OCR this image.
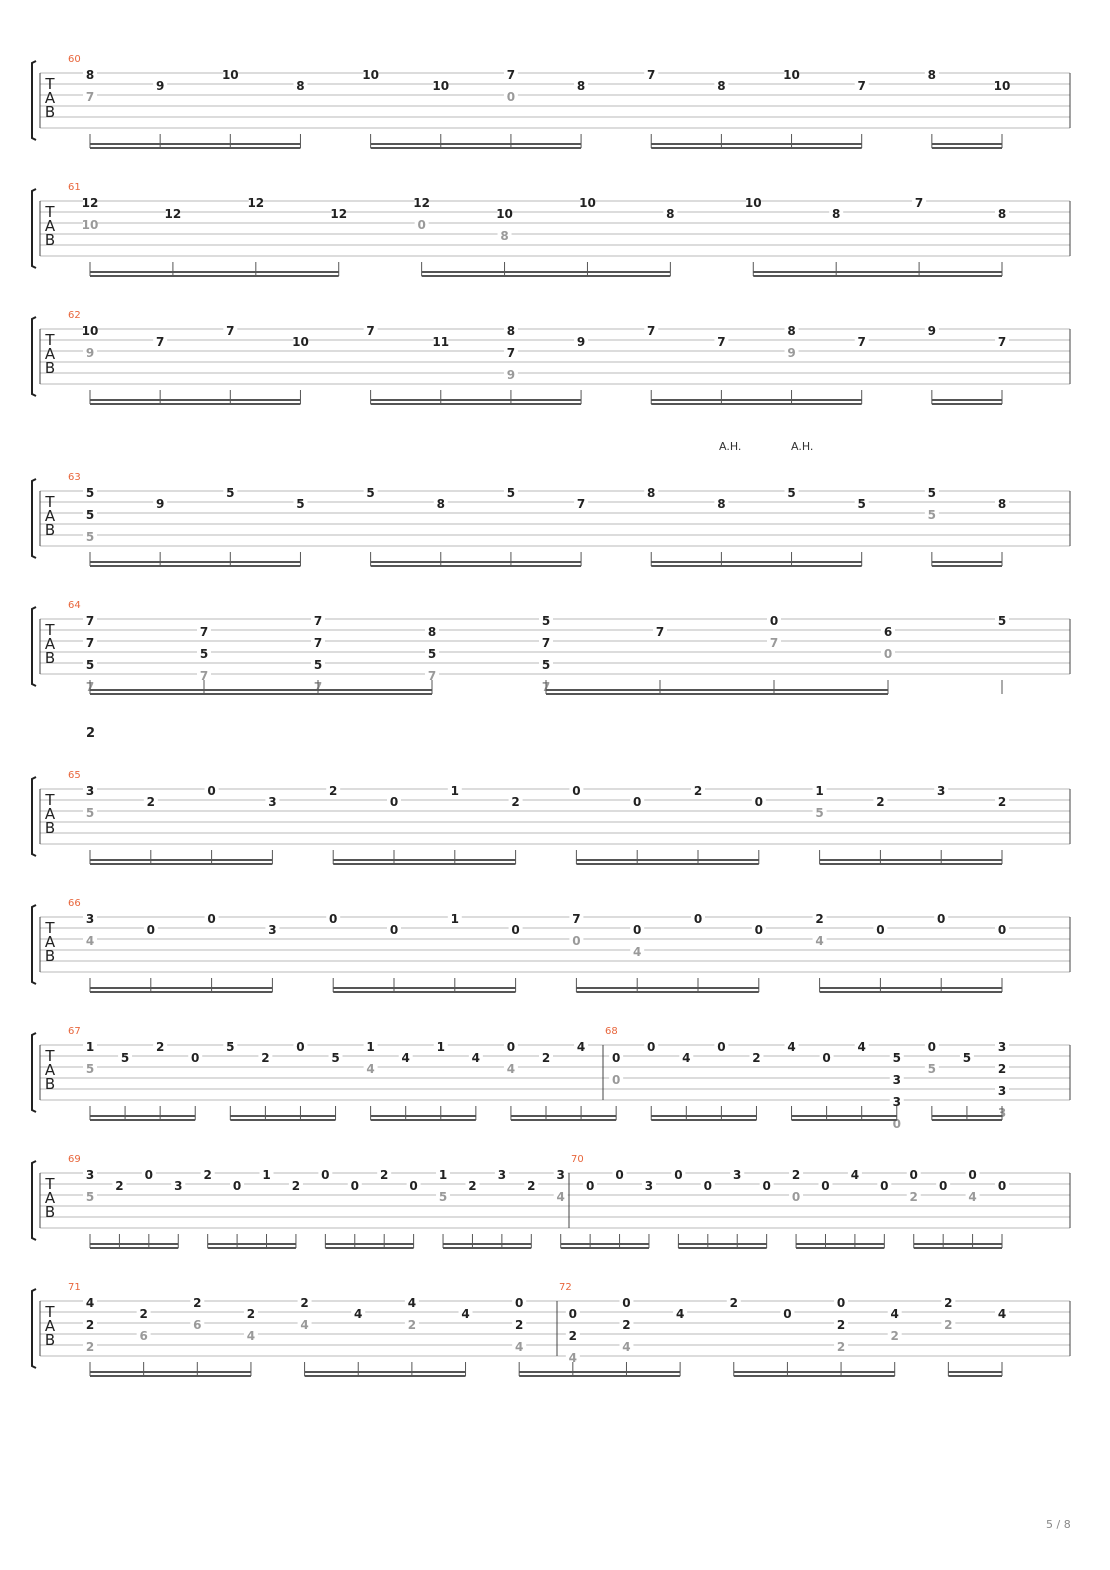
T
A
B
60
8
7
9
10
8
10
10
7
0
8
7
8
10
7
8
10
T
A
B
61
12
10
12
12
12
12
0
10
8
10
8
10
8
7
8
T
A
B
62
10
9
7
7
10
7
11
8
7
9
9
7
7
8
9
7
9
7
T
A
B
63
5
5
5
9
5
5
5
8
5
7
8
8
5
5
5
5
8
T
A
B
64
7
7
5
7
7
5
7
7
7
5
7
8
5
7
5
7
5
7
7
0
7
6
0
5
T
A
B
65
3
5
2
0
3
2
0
1
2
0
0
2
0
1
5
2
3
2
T
A
B
66
3
4
0
0
3
0
0
1
0
7
0
0
4
0
0
2
4
0
0
0
T
A
B
67	68
1
5
5
2
0
5
2
0
5
1
4
4
1
4
0
4
2
4
0
0
0
4
0
2
4
0
4
5
3
3
0
0
5
5
3
2
3
3
T
A
B
69	70
3
5
2
0
3
2
0
1
2
0
0
2
0
1
5
2
3
2
3
4
0
0
3
0
0
3
0
2
0
0
4
0
0
2
0
0
4
0
T
A
B
71	72
4
2
2
2
6
2
6
2
4
2
4
4
4
2
4
0
2
4
0
2
4
0
2
4
4
2
0
0
2
2
4
2
2
2
4
2
A.H.	A.H.
5 / 8
